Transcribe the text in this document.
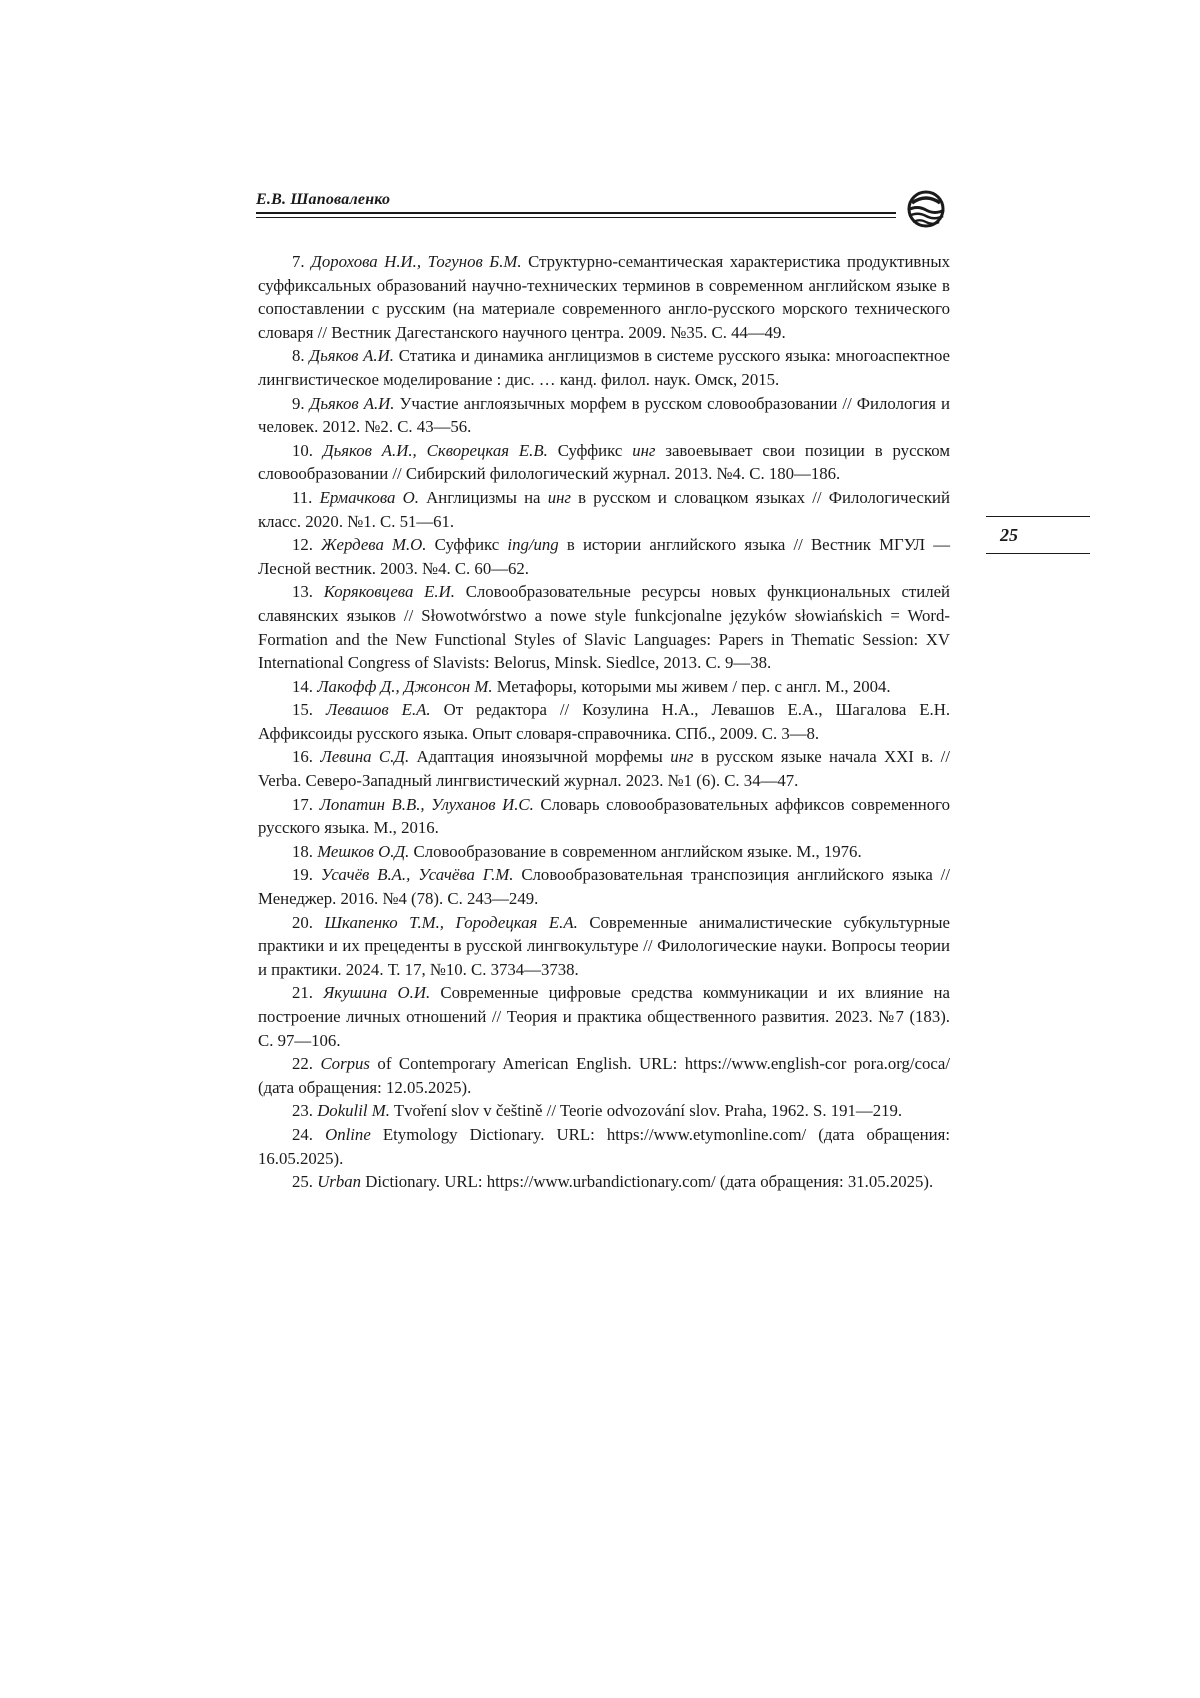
Е.В. Шаповаленко
25

7. Дорохова Н.И., Тогунов Б.М. Структурно-семантическая характеристика продуктивных суффиксальных образований научно-технических терминов в современном английском языке в сопоставлении с русским (на материале современного англо-русского морского технического словаря // Вестник Дагестанского научного центра. 2009. №35. С. 44—49.

8. Дьяков А.И. Статика и динамика англицизмов в системе русского языка: многоаспектное лингвистическое моделирование : дис. … канд. филол. наук. Омск, 2015.

9. Дьяков А.И. Участие англоязычных морфем в русском словообразовании // Филология и человек. 2012. №2. С. 43—56.

10. Дьяков А.И., Скворецкая Е.В. Суффикс инг завоевывает свои позиции в русском словообразовании // Сибирский филологический журнал. 2013. №4. С. 180—186.

11. Ермачкова О. Англицизмы на инг в русском и словацком языках // Филологический класс. 2020. №1. С. 51—61.

12. Жердева М.О. Суффикс ing/ung в истории английского языка // Вестник МГУЛ — Лесной вестник. 2003. №4. С. 60—62.

13. Коряковцева Е.И. Словообразовательные ресурсы новых функциональных стилей славянских языков // Słowotwórstwo a nowe style funkcjonalne języków słowiańskich = Word-Formation and the New Functional Styles of Slavic Languages: Papers in Thematic Session: XV International Congress of Slavists: Belorus, Minsk. Siedlce, 2013. С. 9—38.

14. Лакофф Д., Джонсон М. Метафоры, которыми мы живем / пер. с англ. М., 2004.

15. Левашов Е.А. От редактора // Козулина Н.А., Левашов Е.А., Шагалова Е.Н. Аффиксоиды русского языка. Опыт словаря-справочника. СПб., 2009. С. 3—8.

16. Левина С.Д. Адаптация иноязычной морфемы инг в русском языке начала XXI в. // Verba. Северо-Западный лингвистический журнал. 2023. №1 (6). С. 34—47.

17. Лопатин В.В., Улуханов И.С. Словарь словообразовательных аффиксов современного русского языка. М., 2016.

18. Мешков О.Д. Словообразование в современном английском языке. М., 1976.

19. Усачёв В.А., Усачёва Г.М. Словообразовательная транспозиция английского языка // Менеджер. 2016. №4 (78). С. 243—249.

20. Шкапенко Т.М., Городецкая Е.А. Современные анималистические субкультурные практики и их прецеденты в русской лингвокультуре // Филологические науки. Вопросы теории и практики. 2024. Т. 17, №10. С. 3734—3738.

21. Якушина О.И. Современные цифровые средства коммуникации и их влияние на построение личных отношений // Теория и практика общественного развития. 2023. №7 (183). С. 97—106.

22. Corpus of Contemporary American English. URL: https://www.english-cor pora.org/coca/ (дата обращения: 12.05.2025).

23. Dokulil M. Tvoření slov v češtině // Teorie odvozování slov. Praha, 1962. S. 191—219.

24. Online Etymology Dictionary. URL: https://www.etymonline.com/ (дата обращения: 16.05.2025).

25. Urban Dictionary. URL: https://www.urbandictionary.com/ (дата обращения: 31.05.2025).
